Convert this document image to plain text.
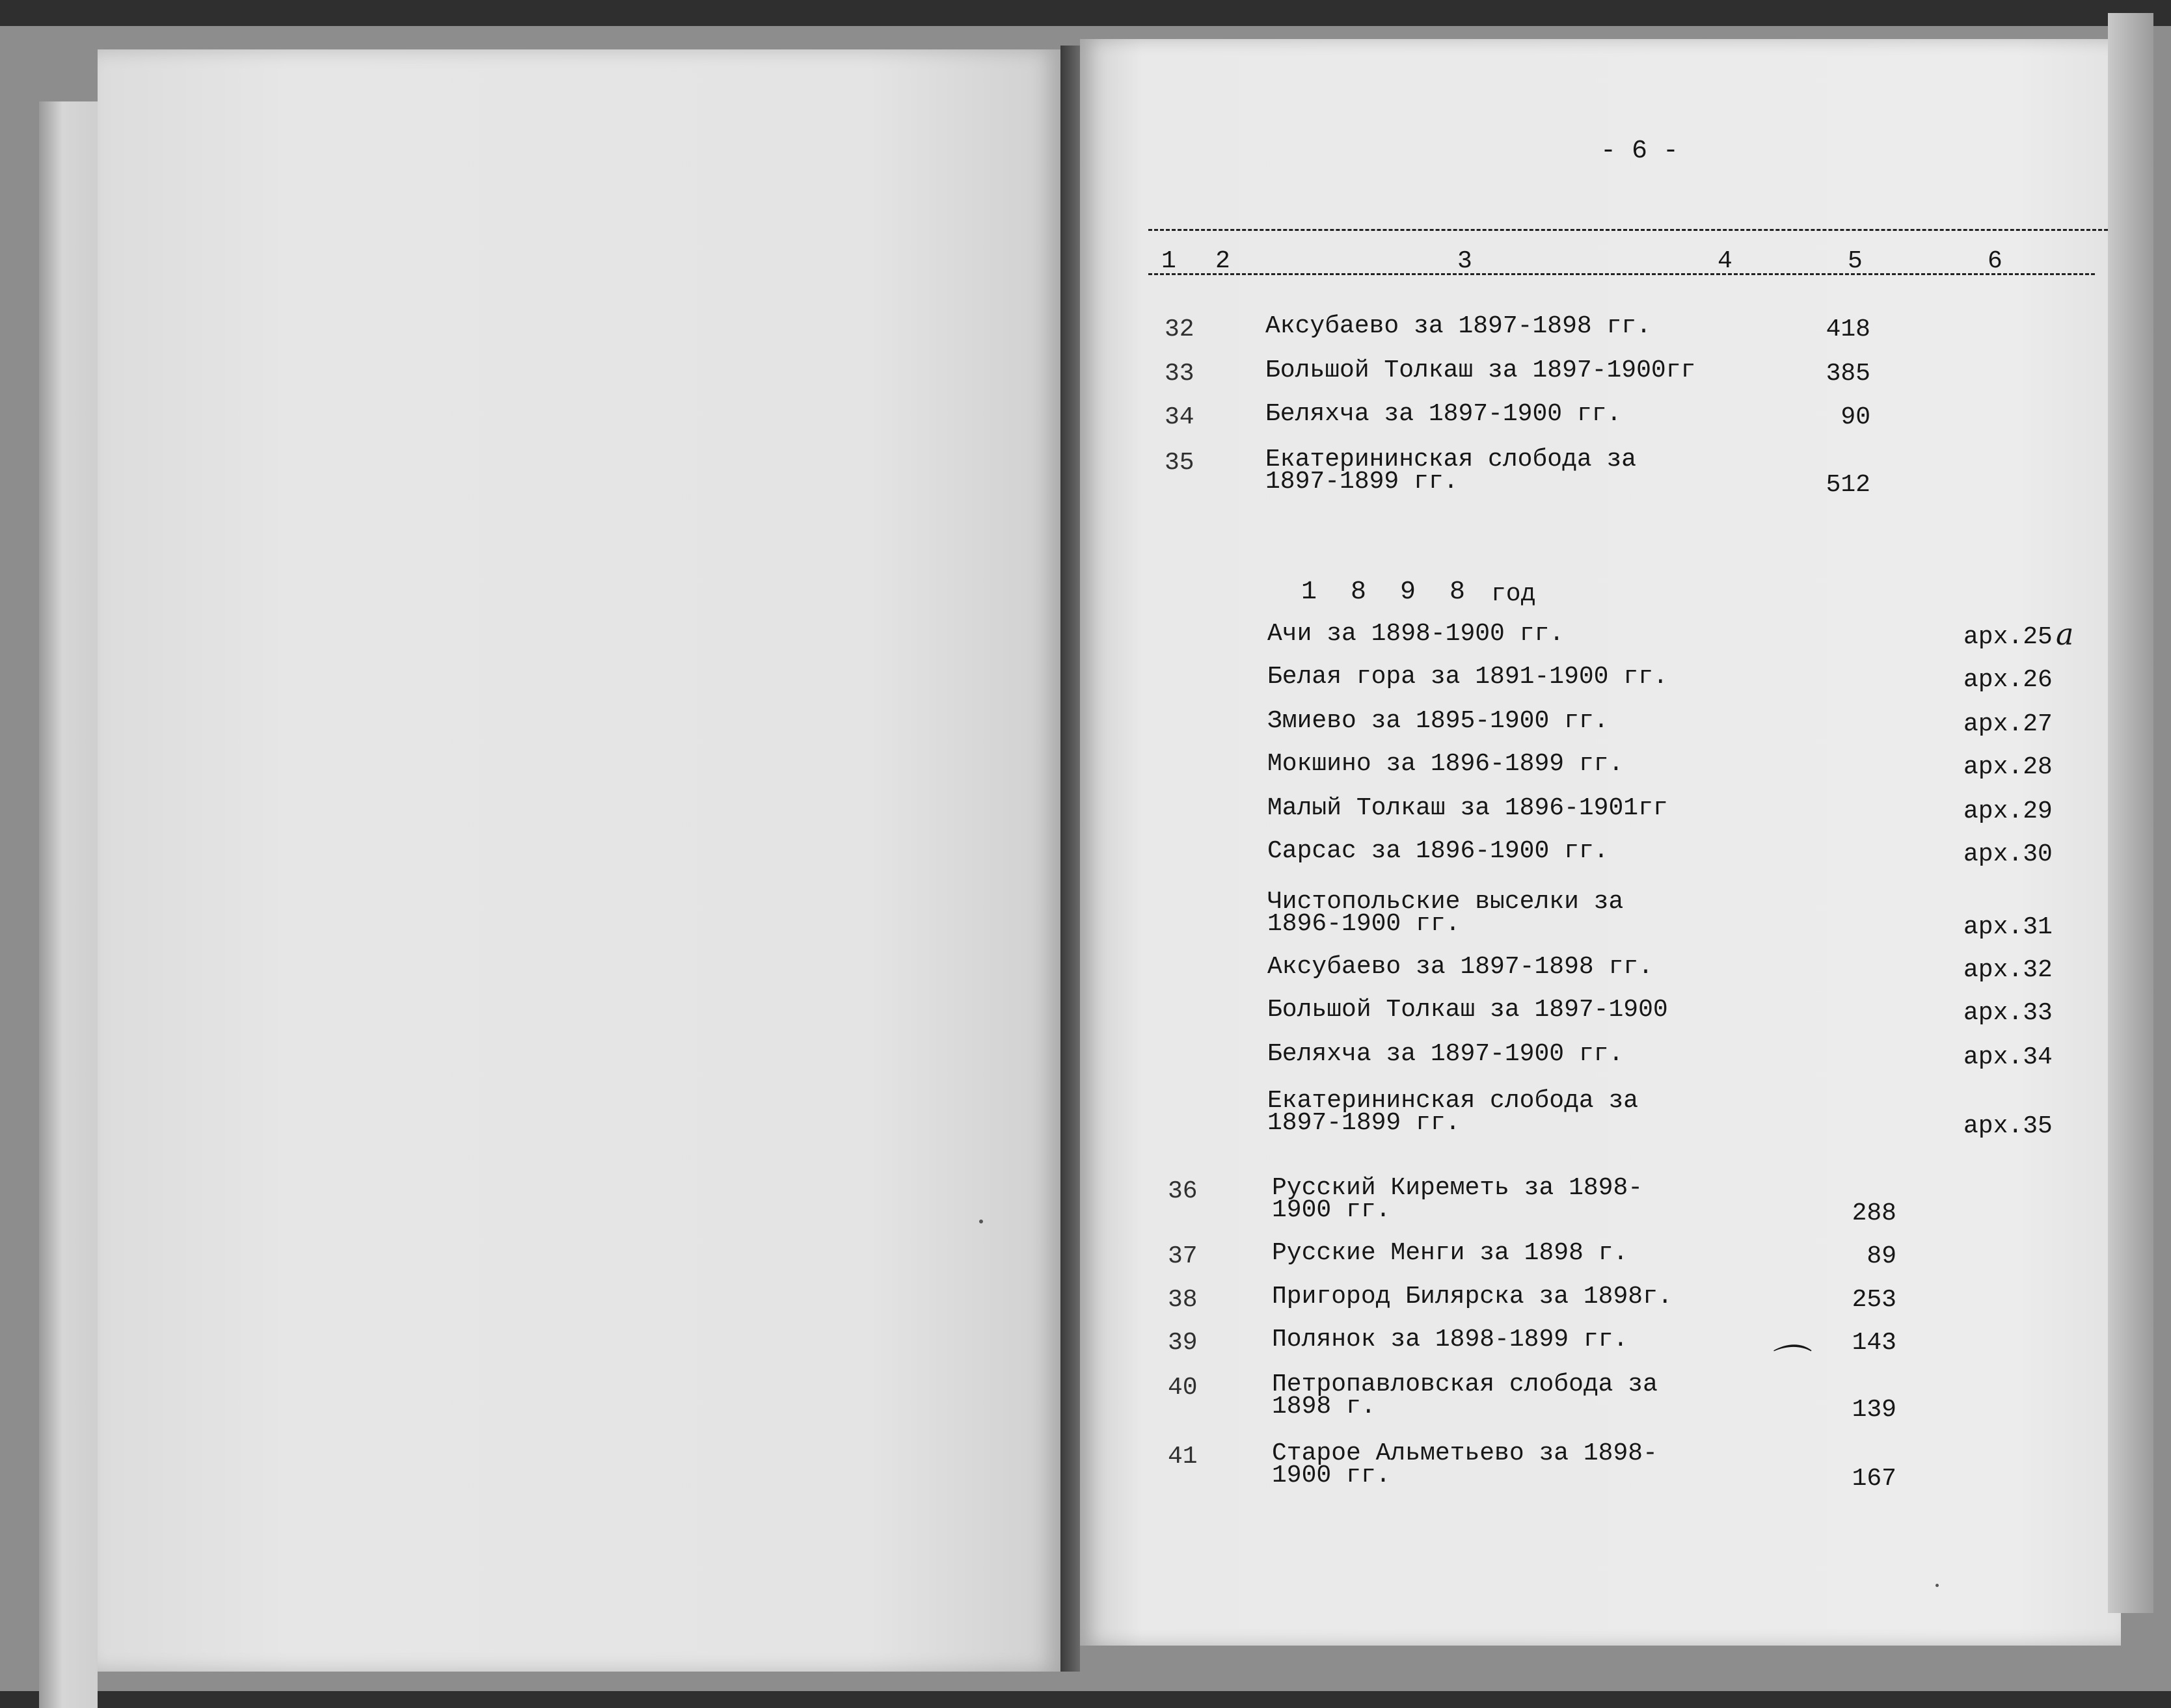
- 6 -
1 2	3	4	5	6
32	Аксубаево за 1897-1898 гг.	418
33	Большой Толкаш за 1897-1900гг	385
34	Беляхча за 1897-1900 гг.	90
35	Екатерининская слобода за
1897-1899 гг.	512
Ачи за 1898-1900 гг.	арх.25 а
Белая гора за 1891-1900 гг.	арх.26
Змиево за 1895-1900 гг.	арх.27
Мокшино за 1896-1899 гг.	арх.28
Малый Толкаш за 1896-1901гг	арх.29
Сарсас за 1896-1900 гг.	арх.30
Чистопольские выселки за
1896-1900 гг.	арх.31
Аксубаево за 1897-1898 гг.	арх.32
Большой Толкаш за 1897-1900	арх.33
Беляхча за 1897-1900 гг.	арх.34
Екатерининская слобода за
1897-1899 гг.	арх.35
36	Русский Киреметь за 1898-
1900 гг.	288
37	Русские Менги за 1898 г.	89
38	Пригород Билярска за 1898г.	253
39	Полянок за 1898-1899 гг.	143
40	Петропавловская слобода за
1898 г.	139
41	Старое Альметьево за 1898-
1900 гг.	167
1 8 9 8 год
⌒
